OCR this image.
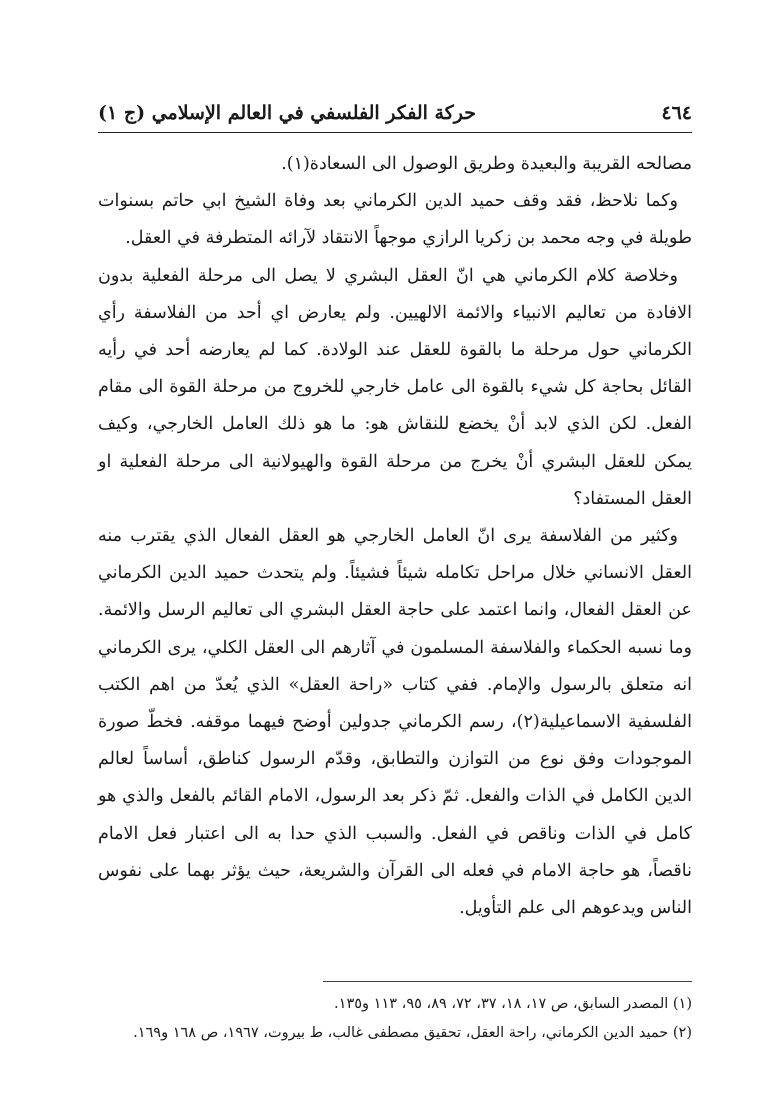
٤٦٤
حركة الفكر الفلسفي في العالم الإسلامي (ج ١)

مصالحه القريبة والبعيدة وطريق الوصول الى السعادة(١).

وكما نلاحظ، فقد وقف حميد الدين الكرماني بعد وفاة الشيخ ابي حاتم بسنوات طويلة في وجه محمد بن زكريا الرازي موجهاً الانتقاد لآرائه المتطرفة في العقل.

وخلاصة كلام الكرماني هي انّ العقل البشري لا يصل الى مرحلة الفعلية بدون الافادة من تعاليم الانبياء والائمة الالهيين. ولم يعارض اي أحد من الفلاسفة رأي الكرماني حول مرحلة ما بالقوة للعقل عند الولادة. كما لم يعارضه أحد في رأيه القائل بحاجة كل شيء بالقوة الى عامل خارجي للخروج من مرحلة القوة الى مقام الفعل. لكن الذي لابد أنْ يخضع للنقاش هو: ما هو ذلك العامل الخارجي، وكيف يمكن للعقل البشري أنْ يخرج من مرحلة القوة والهيولانية الى مرحلة الفعلية او العقل المستفاد؟

وكثير من الفلاسفة يرى انّ العامل الخارجي هو العقل الفعال الذي يقترب منه العقل الانساني خلال مراحل تكامله شيئاً فشيئاً. ولم يتحدث حميد الدين الكرماني عن العقل الفعال، وانما اعتمد على حاجة العقل البشري الى تعاليم الرسل والائمة. وما نسبه الحكماء والفلاسفة المسلمون في آثارهم الى العقل الكلي، يرى الكرماني انه متعلق بالرسول والإمام. ففي كتاب «راحة العقل» الذي يُعدّ من اهم الكتب الفلسفية الاسماعيلية(٢)، رسم الكرماني جدولين أوضح فيهما موقفه. فخطّ صورة الموجودات وفق نوع من التوازن والتطابق، وقدّم الرسول كناطق، أساساً لعالم الدين الكامل في الذات والفعل. ثمّ ذكر بعد الرسول، الامام القائم بالفعل والذي هو كامل في الذات وناقص في الفعل. والسبب الذي حدا به الى اعتبار فعل الامام ناقصاً، هو حاجة الامام في فعله الى القرآن والشريعة، حيث يؤثر بهما على نفوس الناس ويدعوهم الى علم التأويل.

(١) المصدر السابق، ص ١٧، ١٨، ٣٧، ٧٢، ٨٩، ٩٥، ١١٣ و١٣٥.

(٢) حميد الدين الكرماني، راحة العقل، تحقيق مصطفى غالب، ط بيروت، ١٩٦٧، ص ١٦٨ و١٦٩.
